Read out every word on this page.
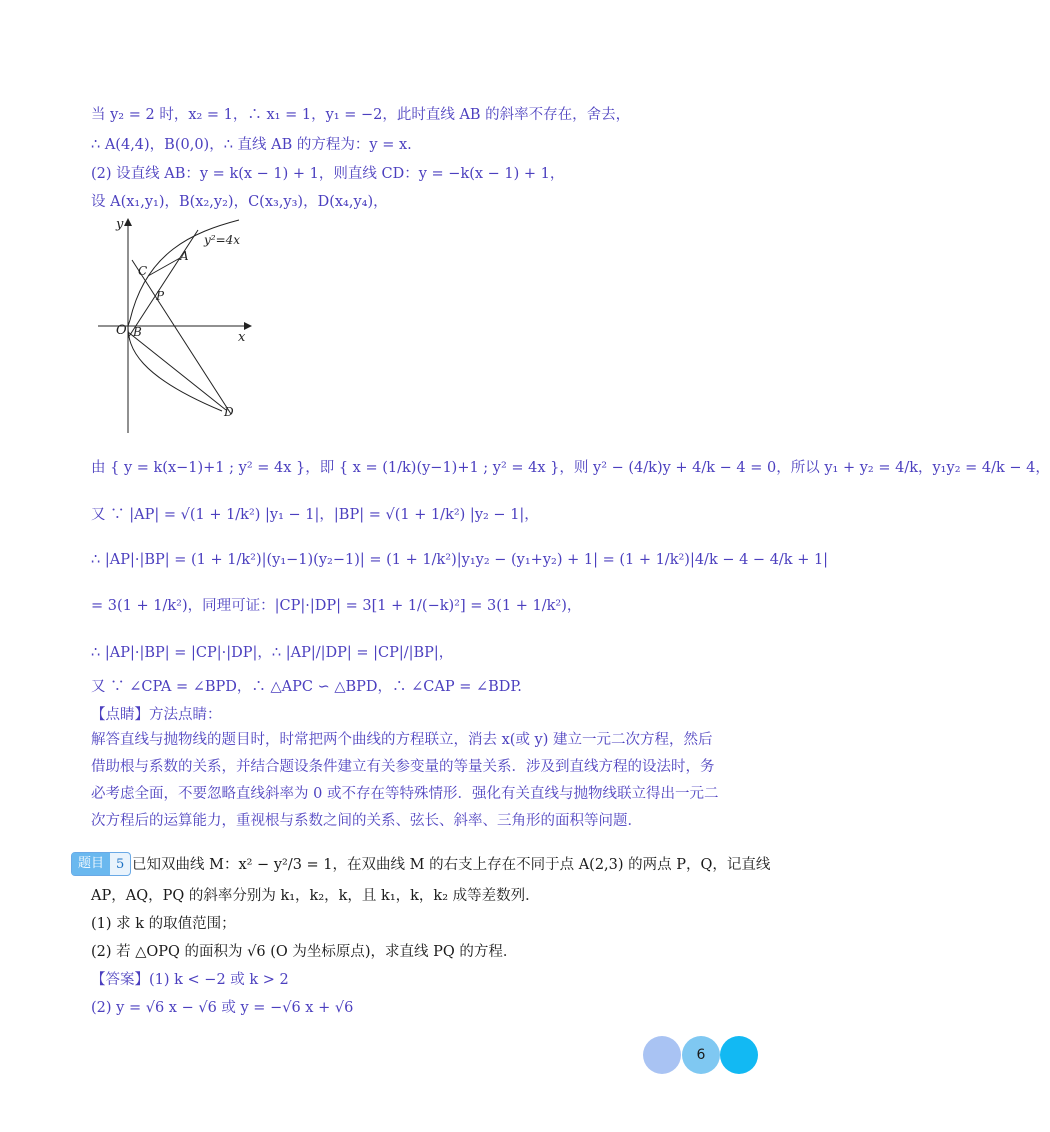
当 y₂ = 2 时，x₂ = 1，∴ x₁ = 1，y₁ = −2，此时直线 AB 的斜率不存在，舍去，
∴ A(4,4)，B(0,0)，∴ 直线 AB 的方程为：y = x.
(2) 设直线 AB：y = k(x − 1) + 1，则直线 CD：y = −k(x − 1) + 1，
设 A(x₁,y₁)，B(x₂,y₂)，C(x₃,y₃)，D(x₄,y₄)，
y
x
O
y²=4x
A
B
C
D
P
由 { y = k(x−1)+1 ; y² = 4x }，即 { x = (1/k)(y−1)+1 ; y² = 4x }，则 y² − (4/k)y + 4/k − 4 = 0，所以 y₁ + y₂ = 4/k，y₁y₂ = 4/k − 4，
又 ∵ |AP| = √(1 + 1/k²) |y₁ − 1|，|BP| = √(1 + 1/k²) |y₂ − 1|，
∴ |AP|·|BP| = (1 + 1/k²)|(y₁−1)(y₂−1)| = (1 + 1/k²)|y₁y₂ − (y₁+y₂) + 1| = (1 + 1/k²)|4/k − 4 − 4/k + 1|
= 3(1 + 1/k²)，同理可证：|CP|·|DP| = 3[1 + 1/(−k)²] = 3(1 + 1/k²)，
∴ |AP|·|BP| = |CP|·|DP|，∴ |AP|/|DP| = |CP|/|BP|，
又 ∵ ∠CPA = ∠BPD，∴ △APC ∽ △BPD，∴ ∠CAP = ∠BDP.
【点睛】方法点睛：
解答直线与抛物线的题目时，时常把两个曲线的方程联立，消去 x(或 y) 建立一元二次方程，然后借助根与系数的关系，并结合题设条件建立有关参变量的等量关系．涉及到直线方程的设法时，务必考虑全面，不要忽略直线斜率为 0 或不存在等特殊情形．强化有关直线与抛物线联立得出一元二次方程后的运算能力，重视根与系数之间的关系、弦长、斜率、三角形的面积等问题．
题目 5 已知双曲线 M：x² − y²/3 = 1，在双曲线 M 的右支上存在不同于点 A(2,3) 的两点 P，Q，记直线
AP，AQ，PQ 的斜率分别为 k₁，k₂，k，且 k₁，k，k₂ 成等差数列．
(1) 求 k 的取值范围；
(2) 若 △OPQ 的面积为 √6 (O 为坐标原点)，求直线 PQ 的方程．
【答案】(1) k < −2 或 k > 2
(2) y = √6 x − √6 或 y = −√6 x + √6
6
